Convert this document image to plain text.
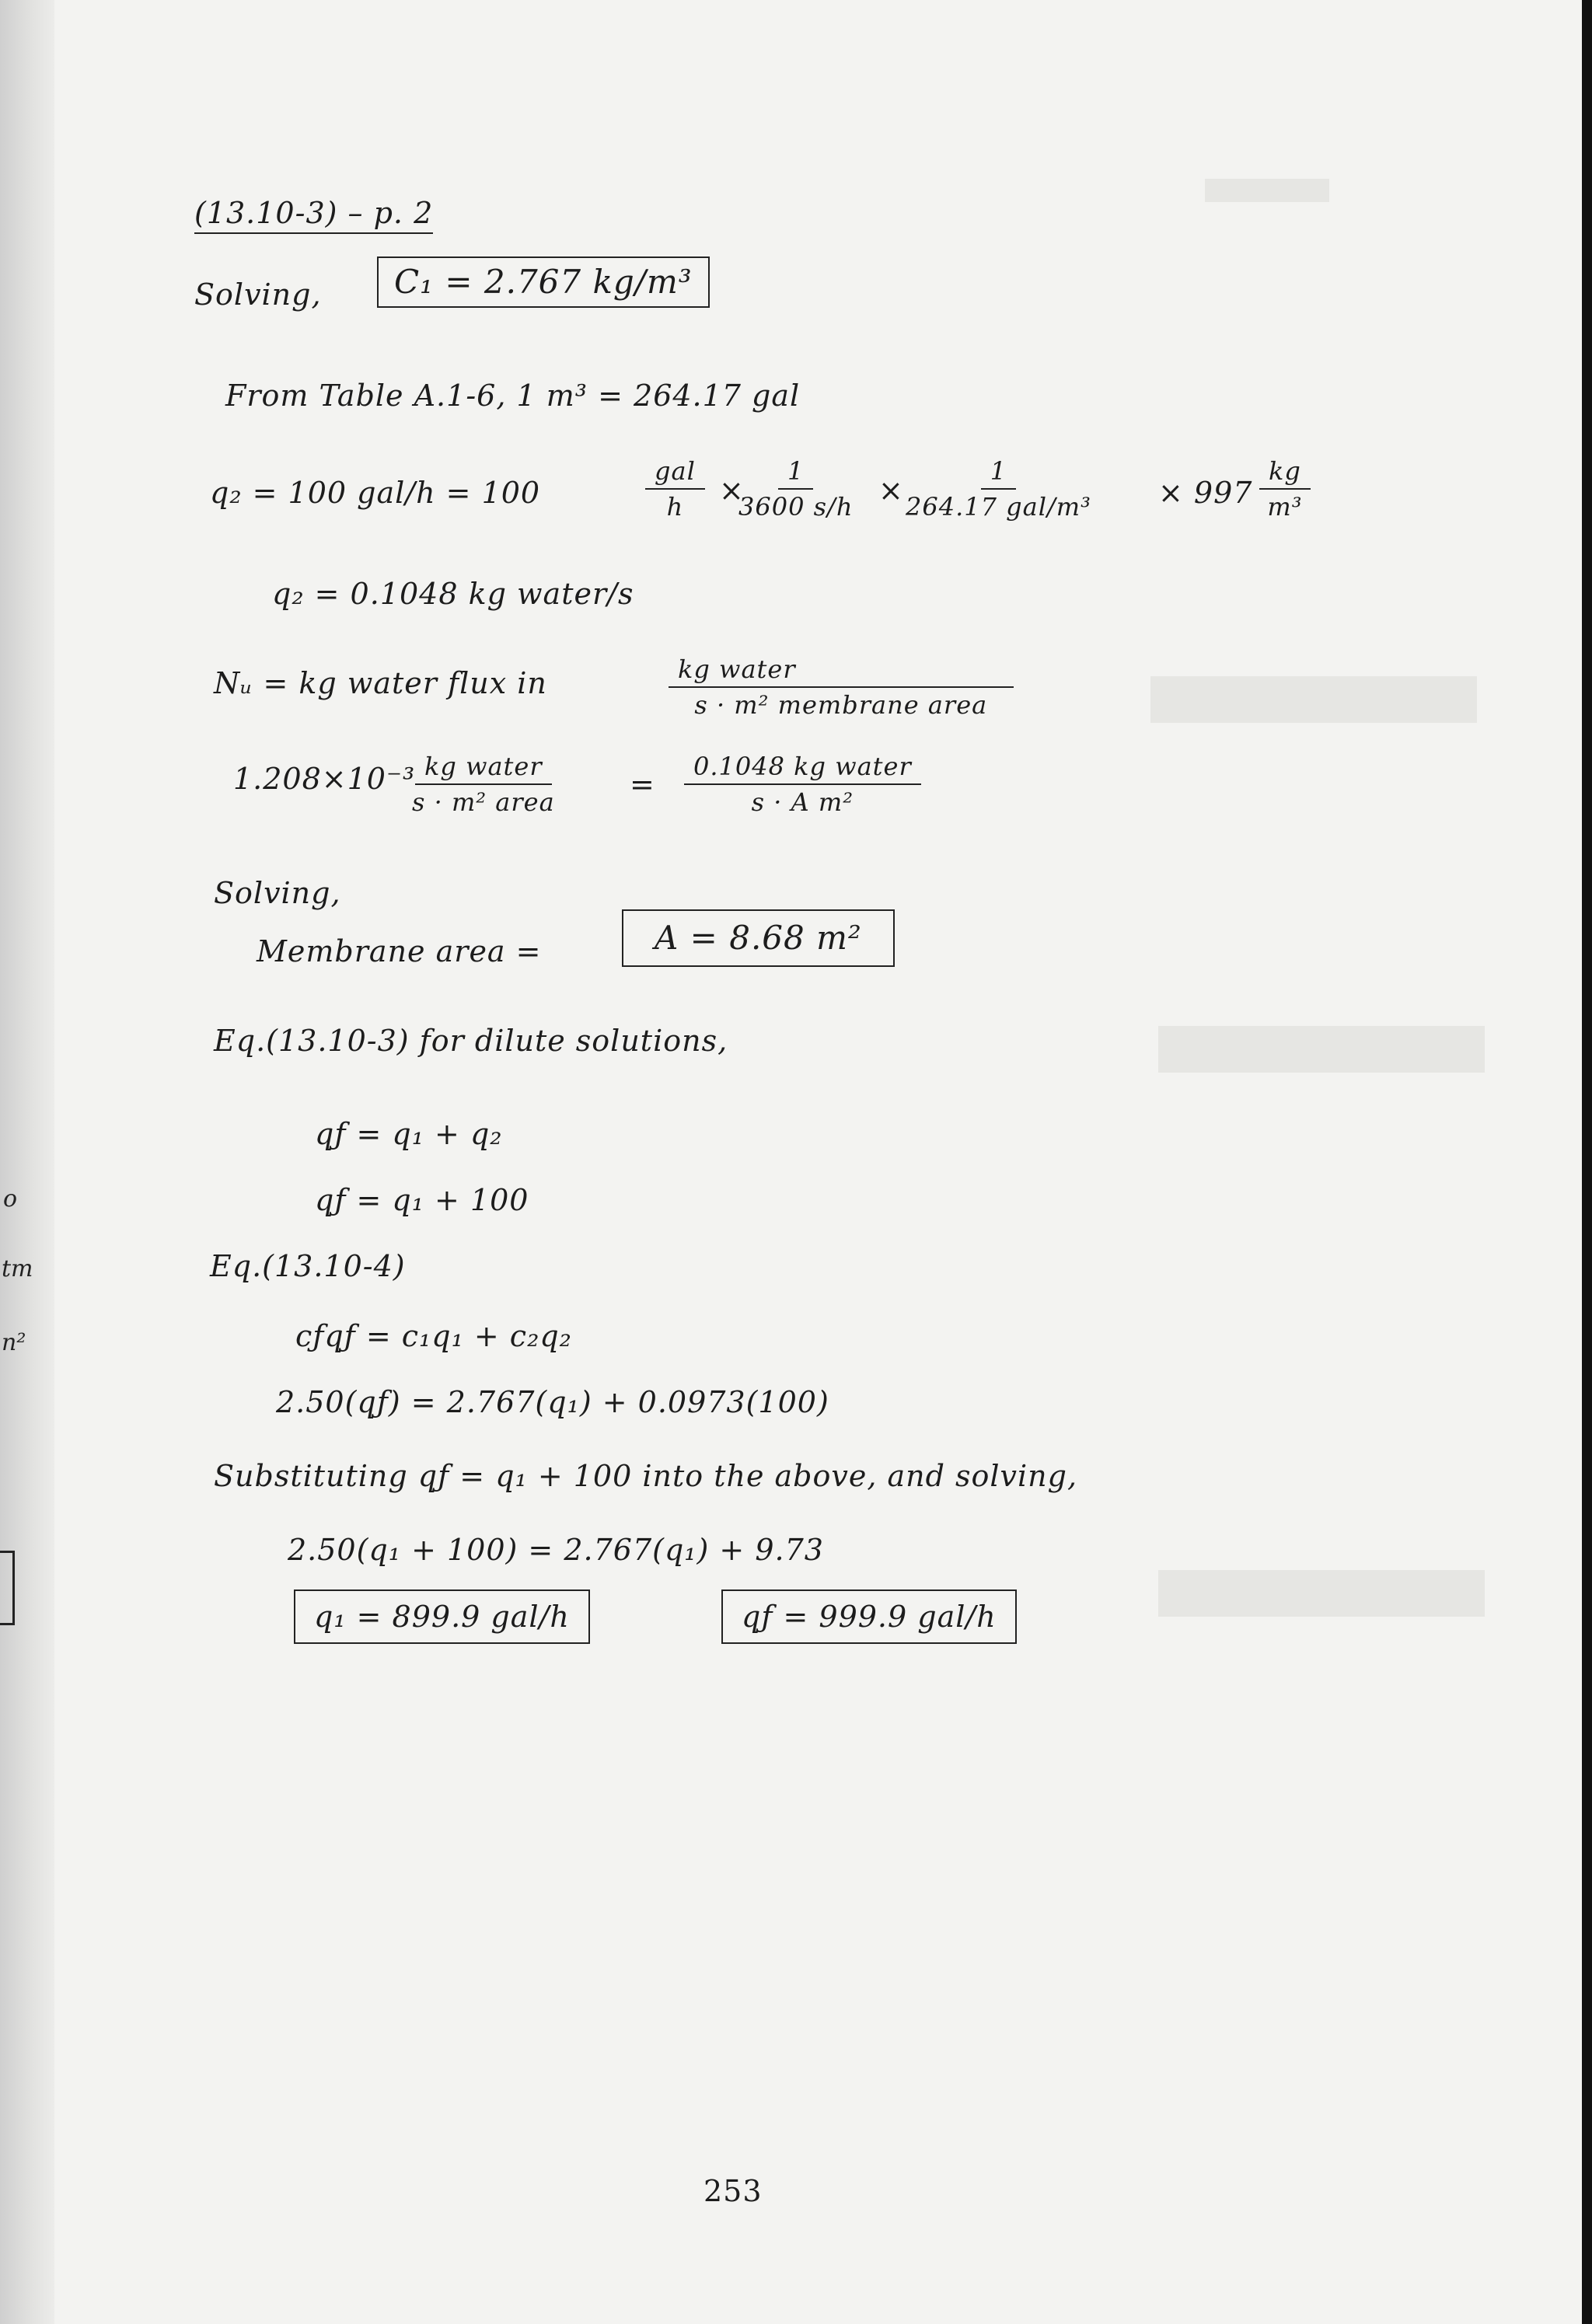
o
tm
n²
(13.10-3) – p. 2
Solving,	C₁ = 2.767 kg/m³
From Table A.1-6, 1 m³ = 264.17 gal
q₂ = 100 gal/h = 100
gal
h ×
$\frac{1}{3600 s/h}$ ×
1
264.17 $gal/m^3 \times 997 \frac{kg}{\text{m³}}$
q₂ = 0.1048 kg water/s
Nᵤ = kg water flux in	kg water
s · m² membrane area
1.208×10⁻³ kg water
s · m² area
=
0.1048 kg water
s · A m²
Solving,
Membrane area =	A = 8.68 m²
Eq.(13.10-3) for dilute solutions,
qƒ = q₁ + q₂
qƒ = q₁ + 100
Eq.(13.10-4)
cƒqƒ = c₁q₁ + c₂q₂
2.50(qƒ) = 2.767(q₁) + 0.0973(100)
Substituting qƒ = q₁ + 100 into the above, and solving,
2.50(q₁ + 100) = 2.767(q₁) + 9.73
q₁ = 899.9 gal/h	qƒ = 999.9 gal/h
253
